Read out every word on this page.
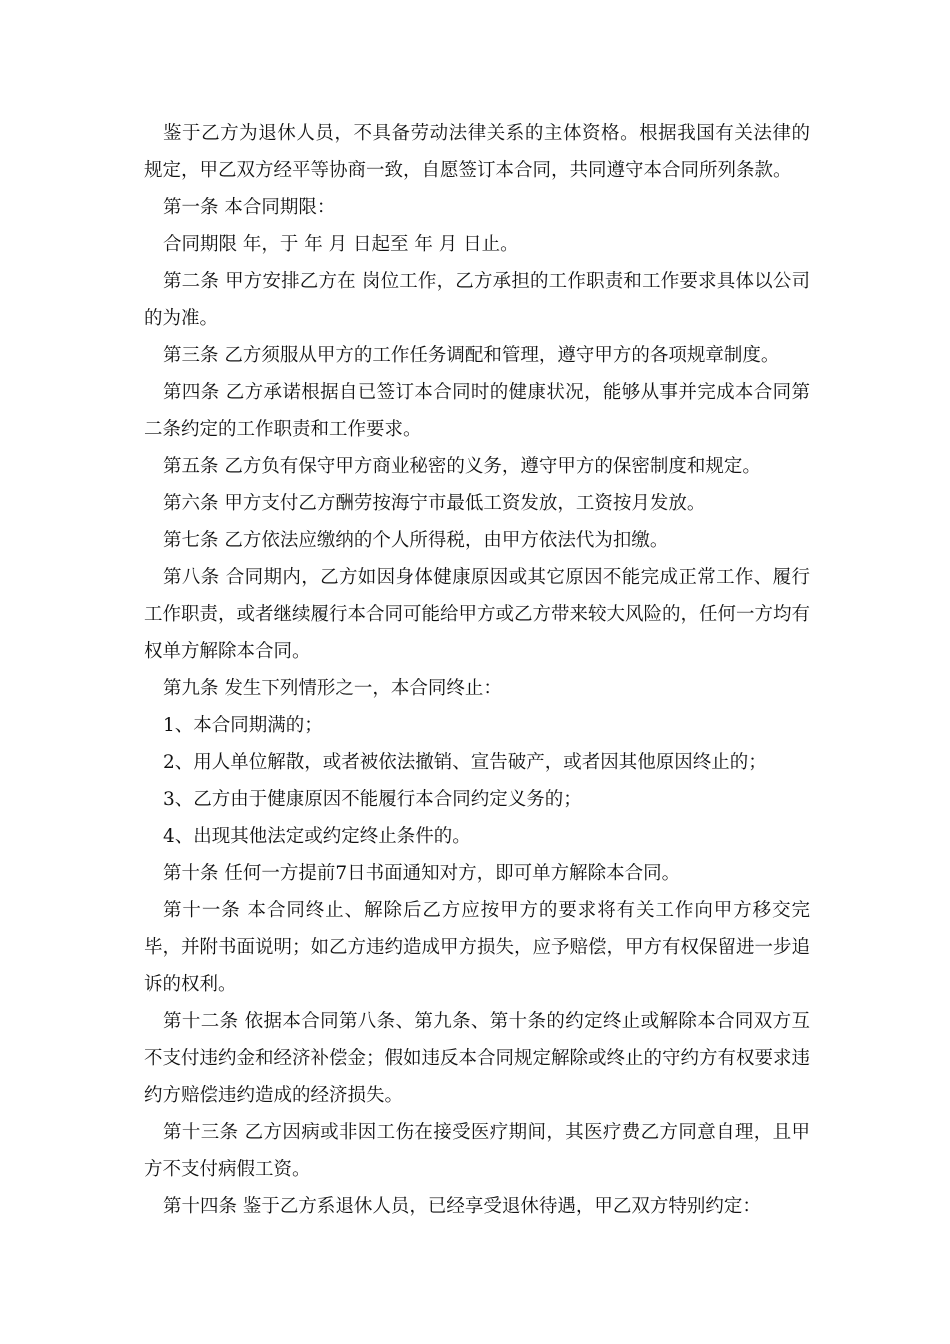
鉴于乙方为退休人员，不具备劳动法律关系的主体资格。根据我国有关法律的规定，甲乙双方经平等协商一致，自愿签订本合同，共同遵守本合同所列条款。

第一条 本合同期限：

合同期限 年，于 年 月 日起至 年 月 日止。

第二条 甲方安排乙方在 岗位工作，乙方承担的工作职责和工作要求具体以公司的为准。

第三条 乙方须服从甲方的工作任务调配和管理，遵守甲方的各项规章制度。

第四条 乙方承诺根据自已签订本合同时的健康状况，能够从事并完成本合同第二条约定的工作职责和工作要求。

第五条 乙方负有保守甲方商业秘密的义务，遵守甲方的保密制度和规定。

第六条 甲方支付乙方酬劳按海宁市最低工资发放，工资按月发放。

第七条 乙方依法应缴纳的个人所得税，由甲方依法代为扣缴。

第八条 合同期内，乙方如因身体健康原因或其它原因不能完成正常工作、履行工作职责，或者继续履行本合同可能给甲方或乙方带来较大风险的，任何一方均有权单方解除本合同。

第九条 发生下列情形之一，本合同终止：

1、本合同期满的；

2、用人单位解散，或者被依法撤销、宣告破产，或者因其他原因终止的；

3、乙方由于健康原因不能履行本合同约定义务的；

4、出现其他法定或约定终止条件的。

第十条 任何一方提前7日书面通知对方，即可单方解除本合同。

第十一条 本合同终止、解除后乙方应按甲方的要求将有关工作向甲方移交完毕，并附书面说明；如乙方违约造成甲方损失，应予赔偿，甲方有权保留进一步追诉的权利。

第十二条 依据本合同第八条、第九条、第十条的约定终止或解除本合同双方互不支付违约金和经济补偿金；假如违反本合同规定解除或终止的守约方有权要求违约方赔偿违约造成的经济损失。

第十三条 乙方因病或非因工伤在接受医疗期间，其医疗费乙方同意自理，且甲方不支付病假工资。

第十四条 鉴于乙方系退休人员，已经享受退休待遇，甲乙双方特别约定：
